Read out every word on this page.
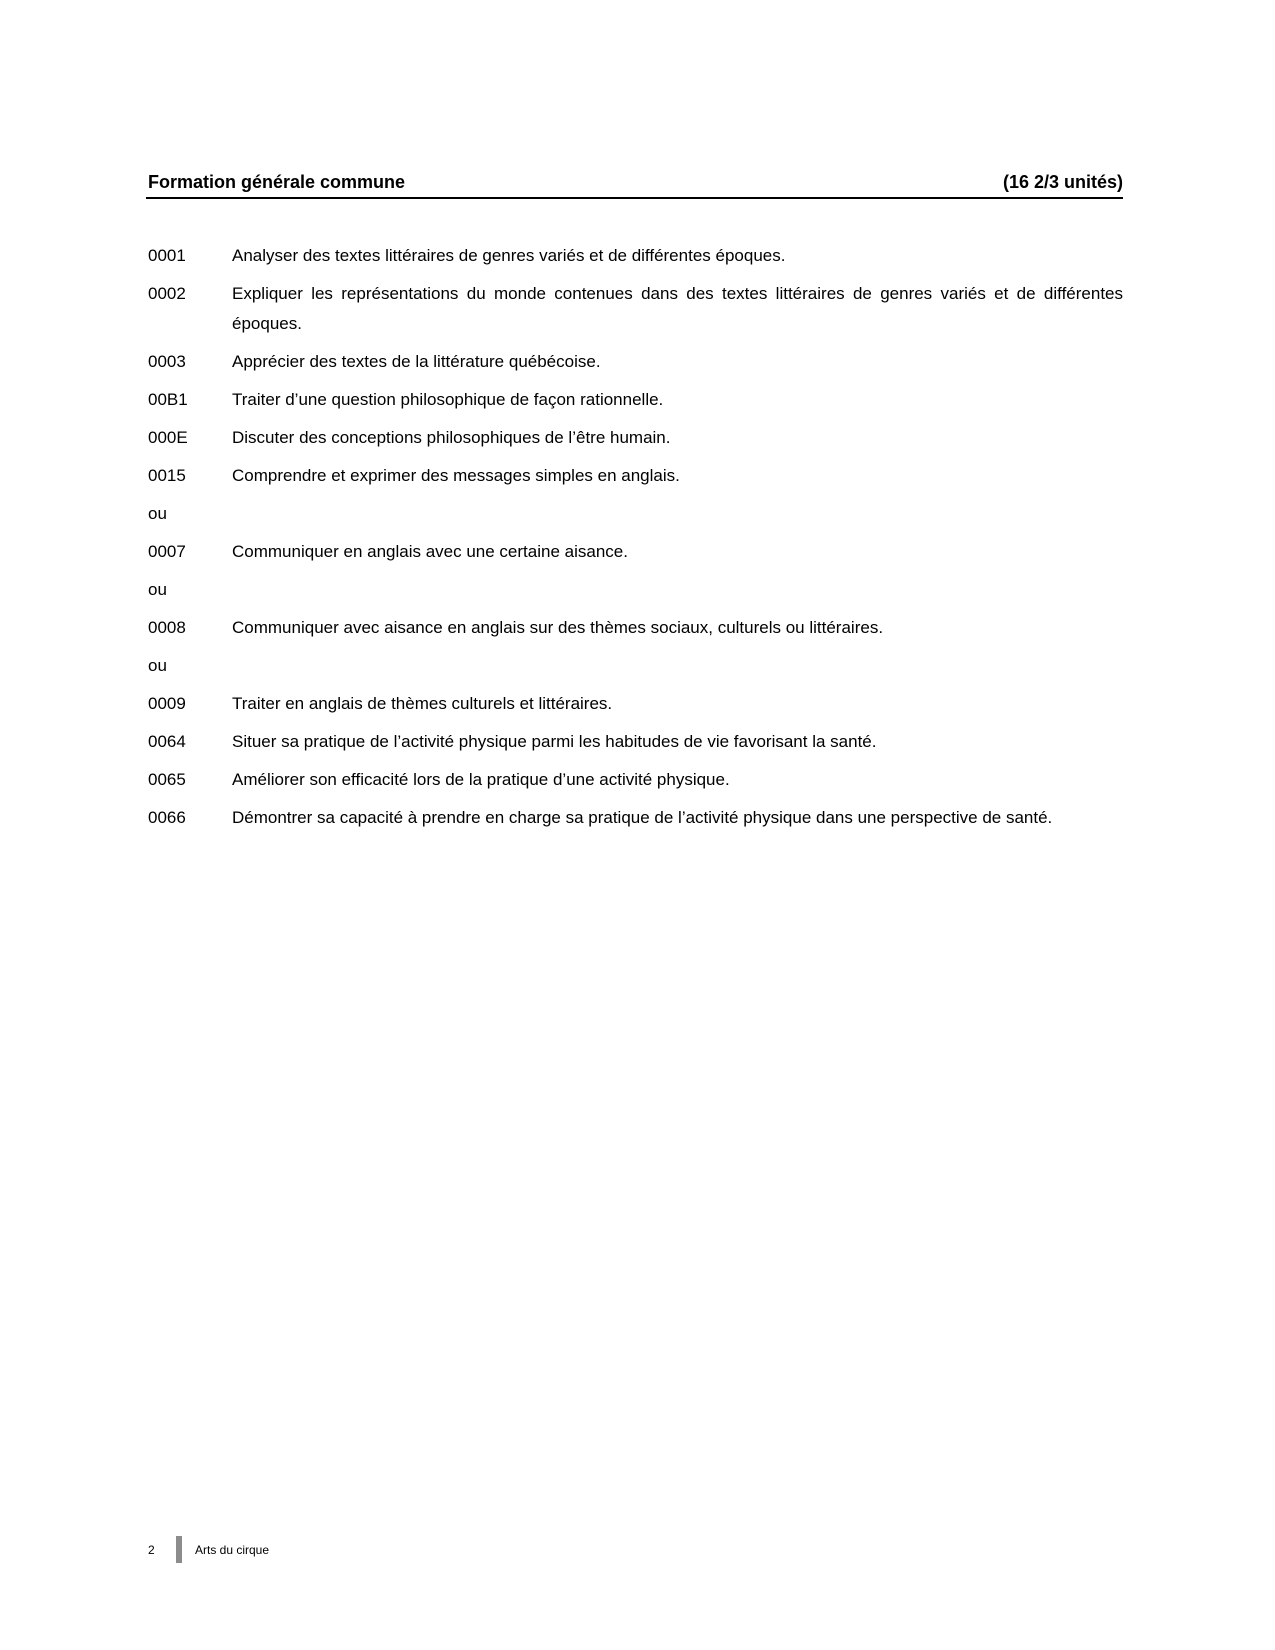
Formation générale commune	(16 2/3 unités)
0001	Analyser des textes littéraires de genres variés et de différentes époques.
0002	Expliquer les représentations du monde contenues dans des textes littéraires de genres variés et de différentes époques.
0003	Apprécier des textes de la littérature québécoise.
00B1	Traiter d’une question philosophique de façon rationnelle.
000E	Discuter des conceptions philosophiques de l’être humain.
0015	Comprendre et exprimer des messages simples en anglais.
ou
0007	Communiquer en anglais avec une certaine aisance.
ou
0008	Communiquer avec aisance en anglais sur des thèmes sociaux, culturels ou littéraires.
ou
0009	Traiter en anglais de thèmes culturels et littéraires.
0064	Situer sa pratique de l’activité physique parmi les habitudes de vie favorisant la santé.
0065	Améliorer son efficacité lors de la pratique d’une activité physique.
0066	Démontrer sa capacité à prendre en charge sa pratique de l’activité physique dans une perspective de santé.
2	Arts du cirque
